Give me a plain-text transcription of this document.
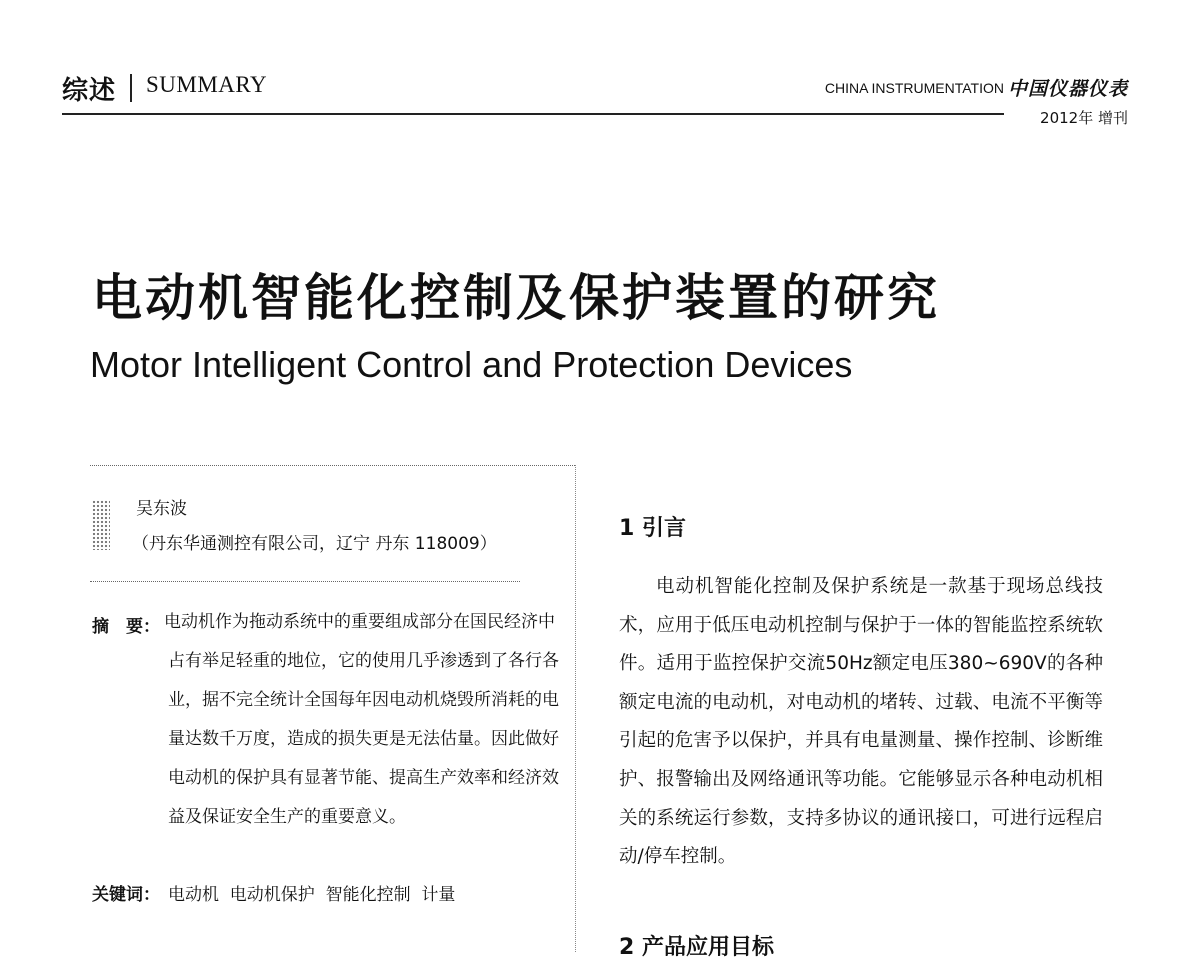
综述 SUMMARY	CHINA INSTRUMENTATION 中国仪器仪表
2012年 增刊
电动机智能化控制及保护装置的研究
Motor Intelligent Control and Protection Devices
吴东波
（丹东华通测控有限公司，辽宁 丹东 118009）
摘　要： 电动机作为拖动系统中的重要组成部分在国民经济中占有举足轻重的地位，它的使用几乎渗透到了各行各业，据不完全统计全国每年因电动机烧毁所消耗的电量达数千万度，造成的损失更是无法估量。因此做好电动机的保护具有显著节能、提高生产效率和经济效益及保证安全生产的重要意义。

关键词： 电动机  电动机保护  智能化控制  计量
1 引言

电动机智能化控制及保护系统是一款基于现场总线技术，应用于低压电动机控制与保护于一体的智能监控系统软件。适用于监控保护交流50Hz额定电压380~690V的各种额定电流的电动机，对电动机的堵转、过载、电流不平衡等引起的危害予以保护，并具有电量测量、操作控制、诊断维护、报警输出及网络通讯等功能。它能够显示各种电动机相关的系统运行参数，支持多协议的通讯接口，可进行远程启动/停车控制。

2 产品应用目标
